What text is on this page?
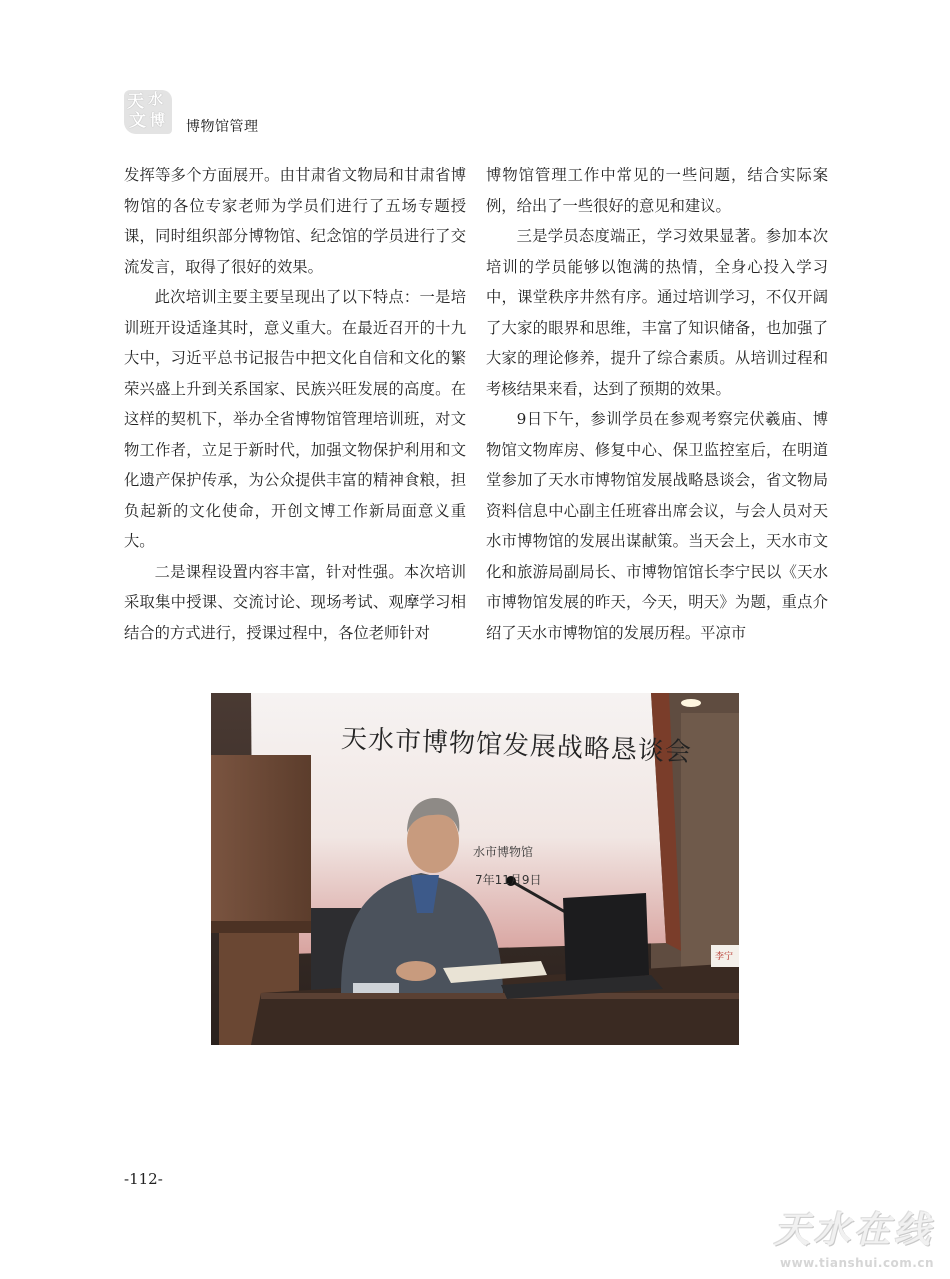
天 水
文 博 博物馆管理

发挥等多个方面展开。由甘肃省文物局和甘肃省博物馆的各位专家老师为学员们进行了五场专题授课，同时组织部分博物馆、纪念馆的学员进行了交流发言，取得了很好的效果。

此次培训主要主要呈现出了以下特点：一是培训班开设适逢其时，意义重大。在最近召开的十九大中，习近平总书记报告中把文化自信和文化的繁荣兴盛上升到关系国家、民族兴旺发展的高度。在这样的契机下，举办全省博物馆管理培训班，对文物工作者，立足于新时代，加强文物保护利用和文化遗产保护传承，为公众提供丰富的精神食粮，担负起新的文化使命，开创文博工作新局面意义重大。

二是课程设置内容丰富，针对性强。本次培训采取集中授课、交流讨论、现场考试、观摩学习相结合的方式进行，授课过程中，各位老师针对

博物馆管理工作中常见的一些问题，结合实际案例，给出了一些很好的意见和建议。

三是学员态度端正，学习效果显著。参加本次培训的学员能够以饱满的热情，全身心投入学习中，课堂秩序井然有序。通过培训学习，不仅开阔了大家的眼界和思维，丰富了知识储备，也加强了大家的理论修养，提升了综合素质。从培训过程和考核结果来看，达到了预期的效果。

9日下午，参训学员在参观考察完伏羲庙、博物馆文物库房、修复中心、保卫监控室后，在明道堂参加了天水市博物馆发展战略恳谈会，省文物局资料信息中心副主任班睿出席会议，与会人员对天水市博物馆的发展出谋献策。当天会上，天水市文化和旅游局副局长、市博物馆馆长李宁民以《天水市博物馆发展的昨天，今天，明天》为题，重点介绍了天水市博物馆的发展历程。平凉市

天水市博物馆发展战略恳谈会
水市博物馆
7年11月9日
李宁
-112-
天水在线
www.tianshui.com.cn
